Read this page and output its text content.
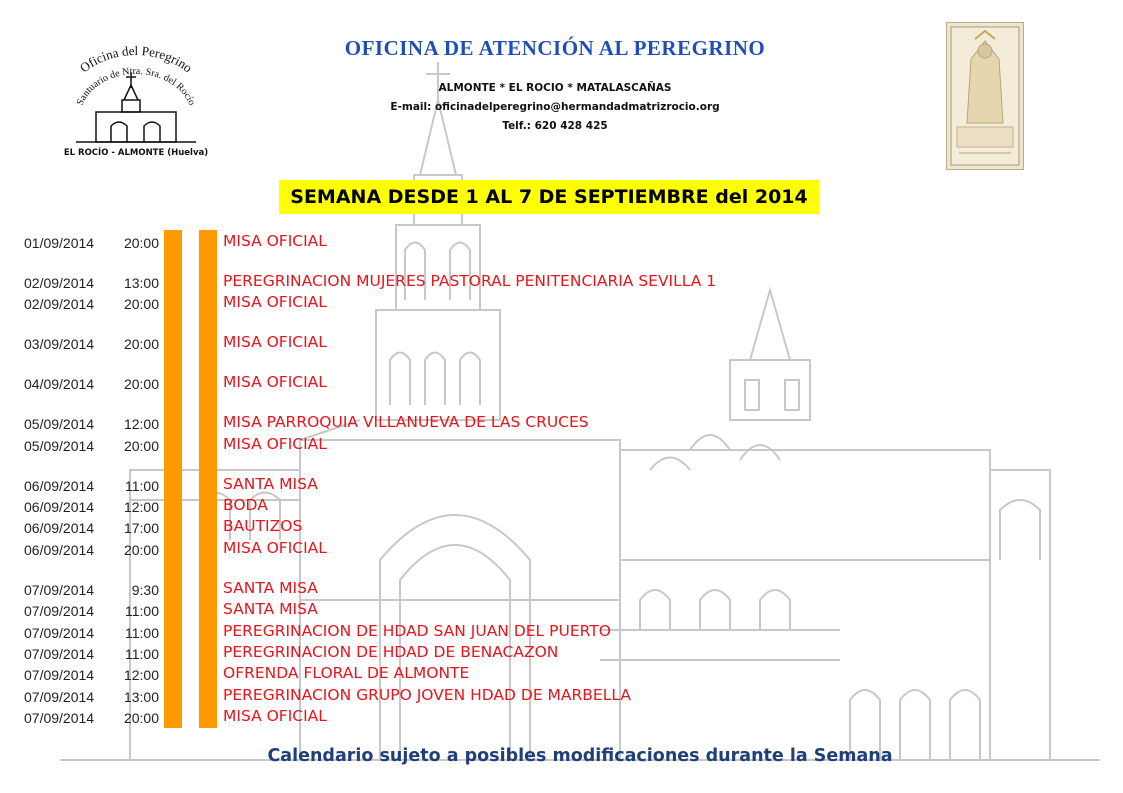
Oficina del Peregrino
Santuario de Ntra. Sra. del Rocío
EL ROCÍO - ALMONTE (Huelva)
OFICINA DE ATENCIÓN AL PEREGRINO
ALMONTE * EL ROCIO * MATALASCAÑAS
E-mail: oficinadelperegrino@hermandadmatrizrocio.org
Telf.: 620 428 425
SEMANA DESDE 1 AL 7 DE SEPTIEMBRE del 2014
01/09/2014	20:00	MISA OFICIAL
02/09/2014	13:00	PEREGRINACION MUJERES PASTORAL PENITENCIARIA SEVILLA 1
02/09/2014	20:00	MISA OFICIAL
03/09/2014	20:00	MISA OFICIAL
04/09/2014	20:00	MISA OFICIAL
05/09/2014	12:00	MISA PARROQUIA VILLANUEVA DE LAS CRUCES
05/09/2014	20:00	MISA OFICIAL
06/09/2014	11:00	SANTA MISA
06/09/2014	12:00	BODA
06/09/2014	17:00	BAUTIZOS
06/09/2014	20:00	MISA OFICIAL
07/09/2014	9:30	SANTA MISA
07/09/2014	11:00	SANTA MISA
07/09/2014	11:00	PEREGRINACION DE HDAD SAN JUAN DEL PUERTO
07/09/2014	11:00	PEREGRINACION DE HDAD DE BENACAZON
07/09/2014	12:00	OFRENDA FLORAL DE ALMONTE
07/09/2014	13:00	PEREGRINACION GRUPO JOVEN HDAD DE MARBELLA
07/09/2014	20:00	MISA OFICIAL
Calendario sujeto a posibles modificaciones durante la Semana
